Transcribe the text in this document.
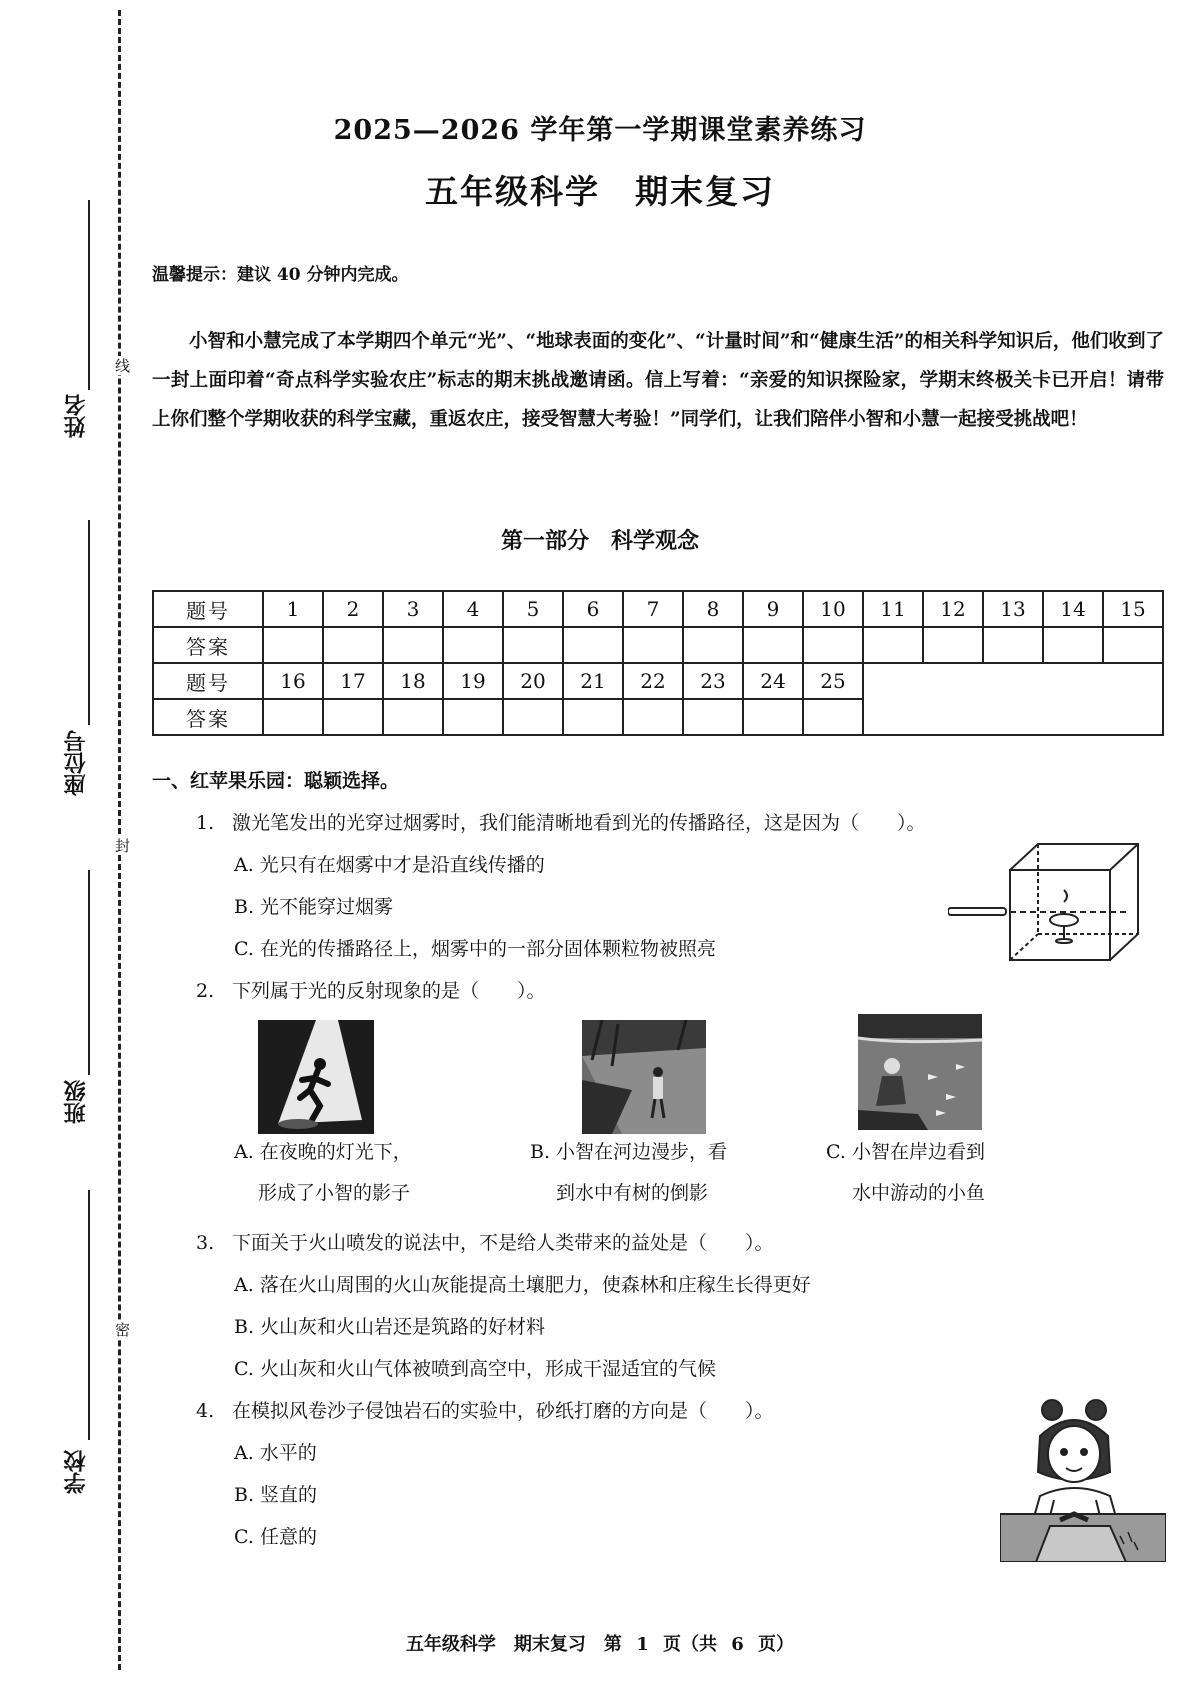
线
封
密
姓名
座位号
班级
学校
2025—2026 学年第一学期课堂素养练习
五年级科学　期末复习
温馨提示：建议 40 分钟内完成。
小智和小慧完成了本学期四个单元“光”、“地球表面的变化”、“计量时间”和“健康生活”的相关科学知识后，他们收到了一封上面印着“奇点科学实验农庄”标志的期末挑战邀请函。信上写着：“亲爱的知识探险家，学期末终极关卡已开启！请带上你们整个学期收获的科学宝藏，重返农庄，接受智慧大考验！”同学们，让我们陪伴小智和小慧一起接受挑战吧！
第一部分　科学观念
题号	1	2	3	4	5	6	7	8	9	10	11	12	13	14	15
答案															
题号	16	17	18	19	20	21	22	23	24	25					
答案															
一、红苹果乐园：聪颖选择。
1. 激光笔发出的光穿过烟雾时，我们能清晰地看到光的传播路径，这是因为（　　）。
A. 光只有在烟雾中才是沿直线传播的
B. 光不能穿过烟雾
C. 在光的传播路径上，烟雾中的一部分固体颗粒物被照亮
2. 下列属于光的反射现象的是（　　）。
A. 在夜晚的灯光下，
形成了小智的影子
B. 小智在河边漫步，看
到水中有树的倒影
C. 小智在岸边看到
水中游动的小鱼
3. 下面关于火山喷发的说法中，不是给人类带来的益处是（　　）。
A. 落在火山周围的火山灰能提高土壤肥力，使森林和庄稼生长得更好
B. 火山灰和火山岩还是筑路的好材料
C. 火山灰和火山气体被喷到高空中，形成干湿适宜的气候
4. 在模拟风卷沙子侵蚀岩石的实验中，砂纸打磨的方向是（　　）。
A. 水平的
B. 竖直的
C. 任意的
五年级科学　期末复习　第 1 页（共 6 页）
